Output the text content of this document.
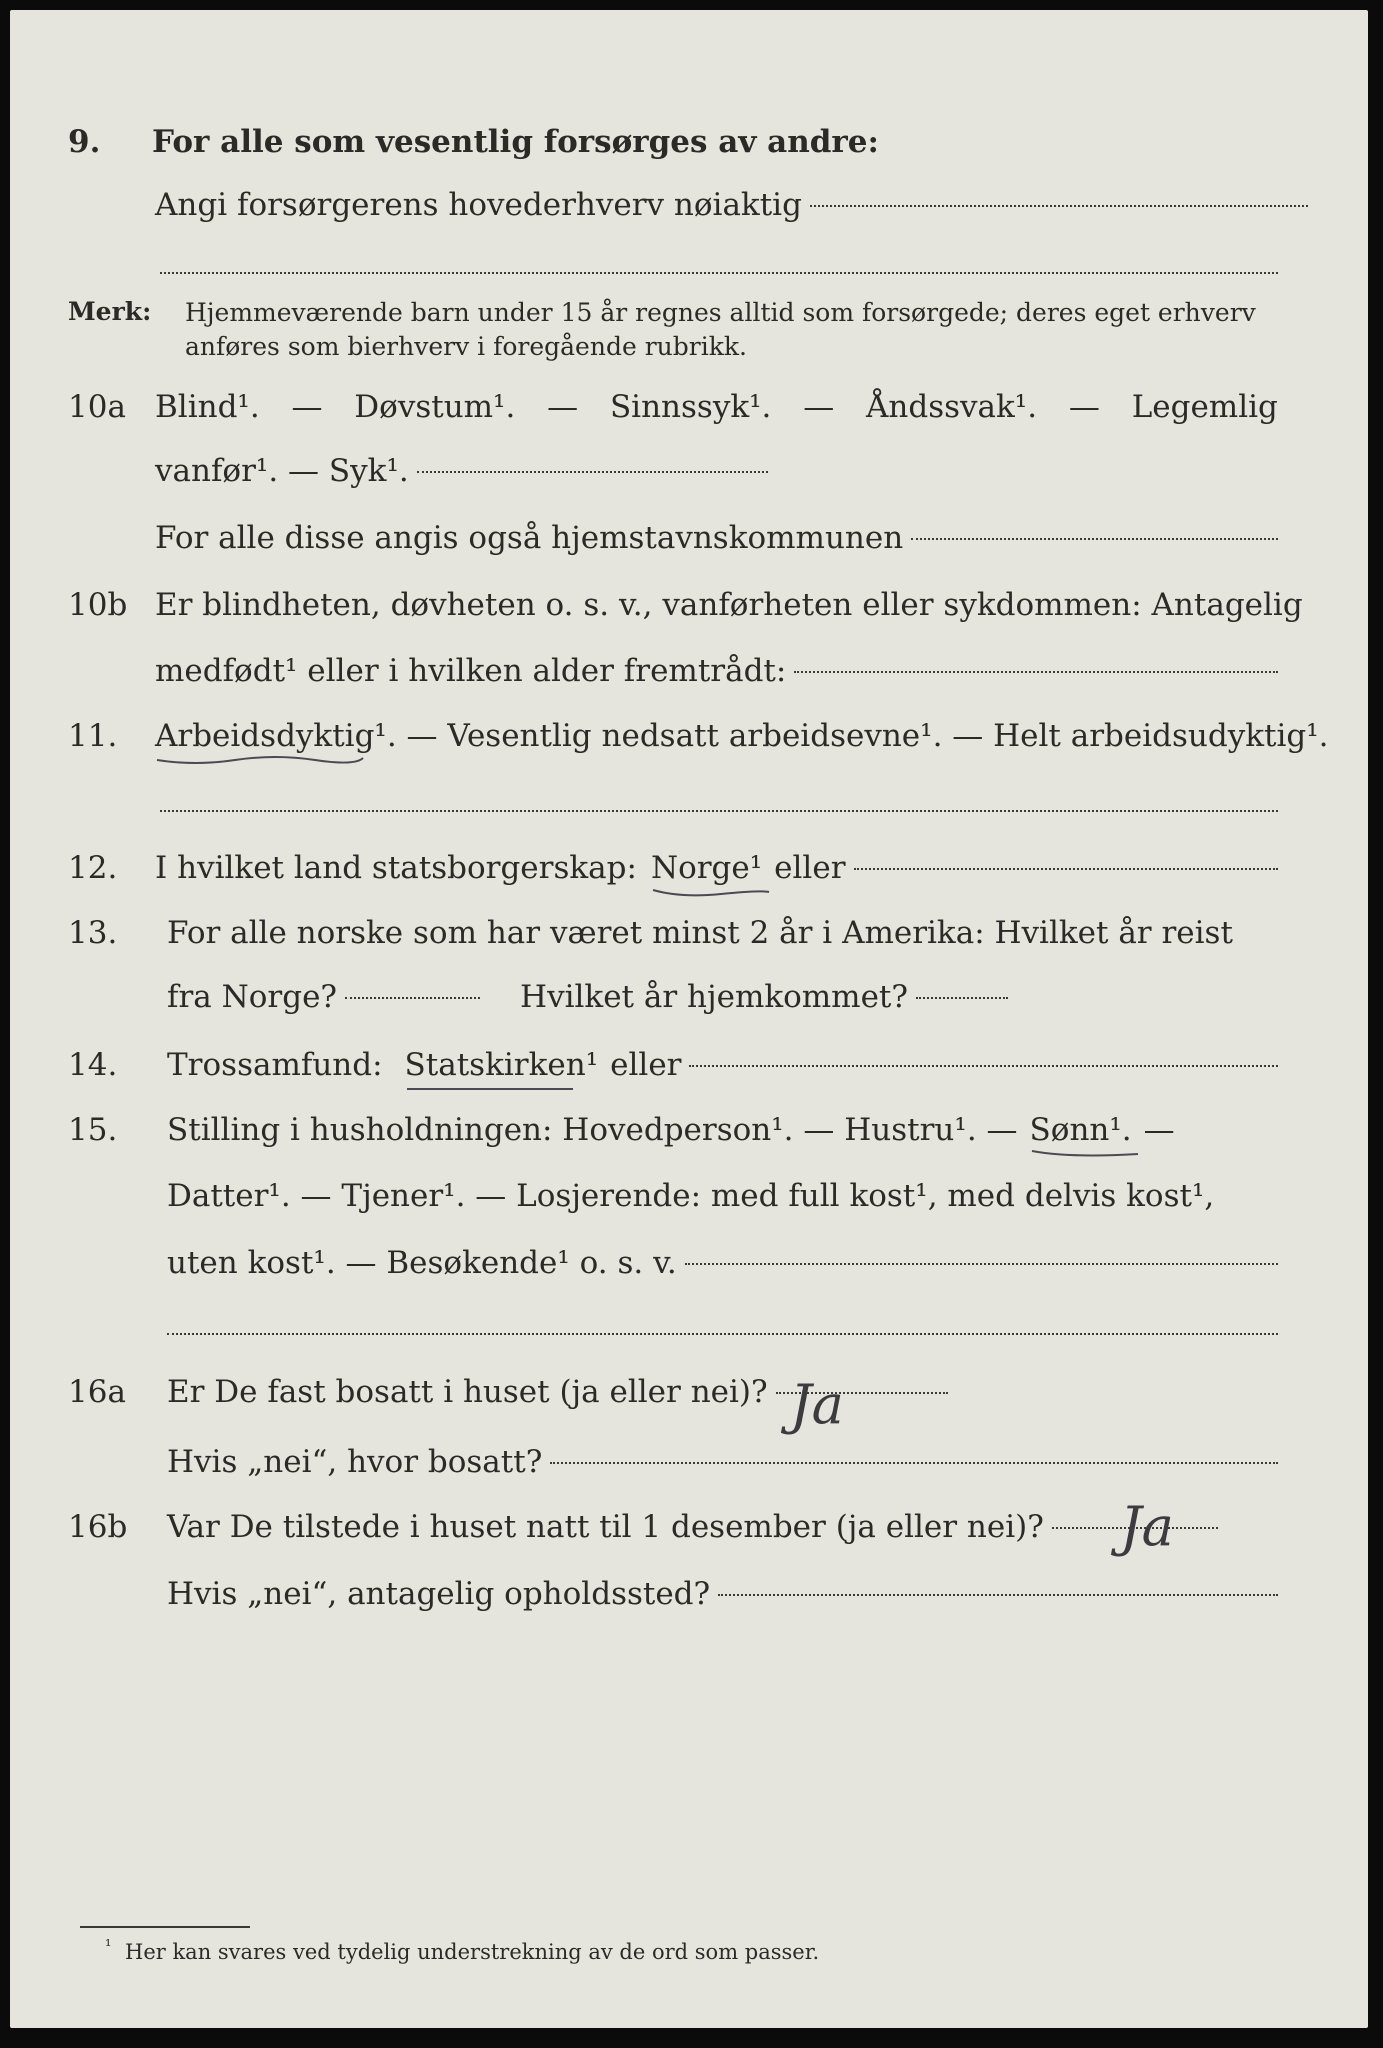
9.	For alle som vesentlig forsørges av andre:
Angi forsørgerens hovederhverv nøiaktig
Merk: Hjemmeværende barn under 15 år regnes alltid som forsørgede; deres eget erhverv
anføres som bierhverv i foregående rubrikk.
10a Blind¹. — Døvstum¹. — Sinnssyk¹. — Åndssvak¹. — Legemlig
vanfør¹. — Syk¹.
For alle disse angis også hjemstavnskommunen
10b Er blindheten, døvheten o. s. v., vanførheten eller sykdommen: Antagelig
medfødt¹ eller i hvilken alder fremtrådt:
11.	Arbeidsdyktig ¹. — Vesentlig nedsatt arbeidsevne¹. — Helt arbeidsudyktig¹.
12.	I hvilket land statsborgerskap: Norge¹ eller
13.	For alle norske som har været minst 2 år i Amerika: Hvilket år reist
fra Norge?	Hvilket år hjemkommet?
14.	Trossamfund: Statskirken¹ eller
15.	Stilling i husholdningen: Hovedperson¹. — Hustru¹. — Sønn¹. —
Datter¹. — Tjener¹. — Losjerende: med full kost¹, med delvis kost¹,
uten kost¹. — Besøkende¹ o. s. v.
16a	Er De fast bosatt i huset (ja eller nei)? Ja
Hvis „nei“, hvor bosatt?
16b	Var De tilstede i huset natt til 1 desember (ja eller nei)? Ja
Hvis „nei“, antagelig opholdssted?
¹ Her kan svares ved tydelig understrekning av de ord som passer.
